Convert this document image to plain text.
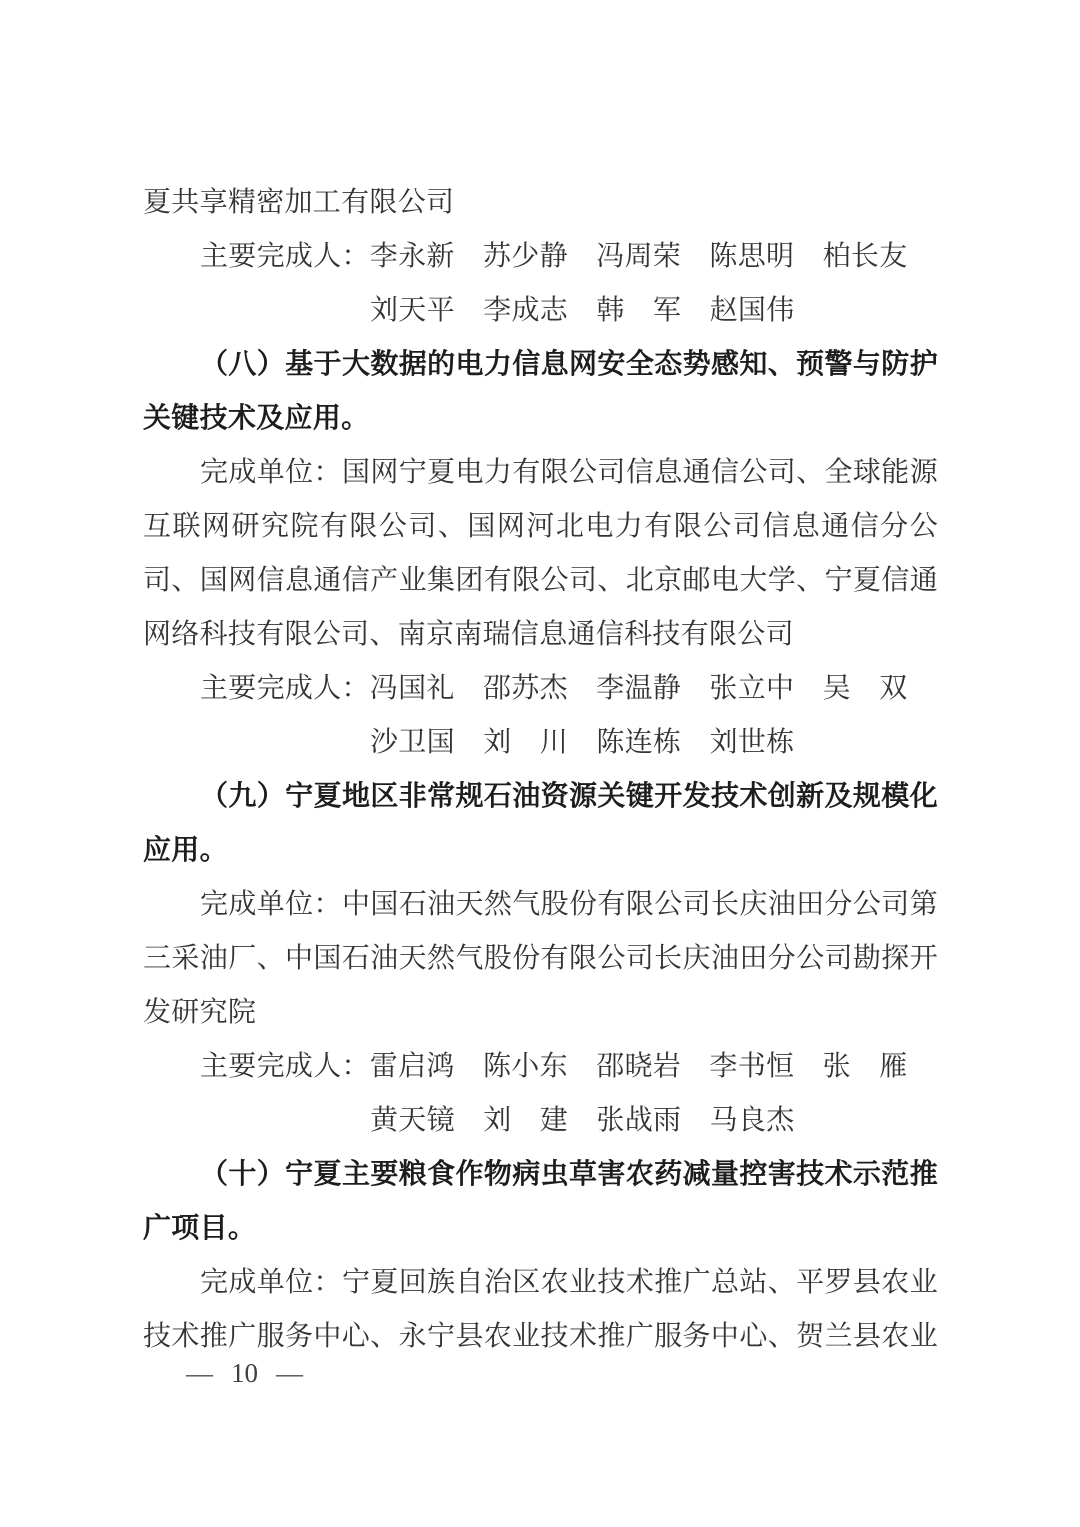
夏共享精密加工有限公司
主要完成人：李永新　苏少静　冯周荣　陈思明　柏长友
刘天平　李成志　韩　军　赵国伟
（八）基于大数据的电力信息网安全态势感知、预警与防护
关键技术及应用。
完成单位：国网宁夏电力有限公司信息通信公司、全球能源
互联网研究院有限公司、国网河北电力有限公司信息通信分公
司、国网信息通信产业集团有限公司、北京邮电大学、宁夏信通
网络科技有限公司、南京南瑞信息通信科技有限公司
主要完成人：冯国礼　邵苏杰　李温静　张立中　吴　双
沙卫国　刘　川　陈连栋　刘世栋
（九）宁夏地区非常规石油资源关键开发技术创新及规模化
应用。
完成单位：中国石油天然气股份有限公司长庆油田分公司第
三采油厂、中国石油天然气股份有限公司长庆油田分公司勘探开
发研究院
主要完成人：雷启鸿　陈小东　邵晓岩　李书恒　张　雁
黄天镜　刘　建　张战雨　马良杰
（十）宁夏主要粮食作物病虫草害农药减量控害技术示范推
广项目。
完成单位：宁夏回族自治区农业技术推广总站、平罗县农业
技术推广服务中心、永宁县农业技术推广服务中心、贺兰县农业
— 10 —
